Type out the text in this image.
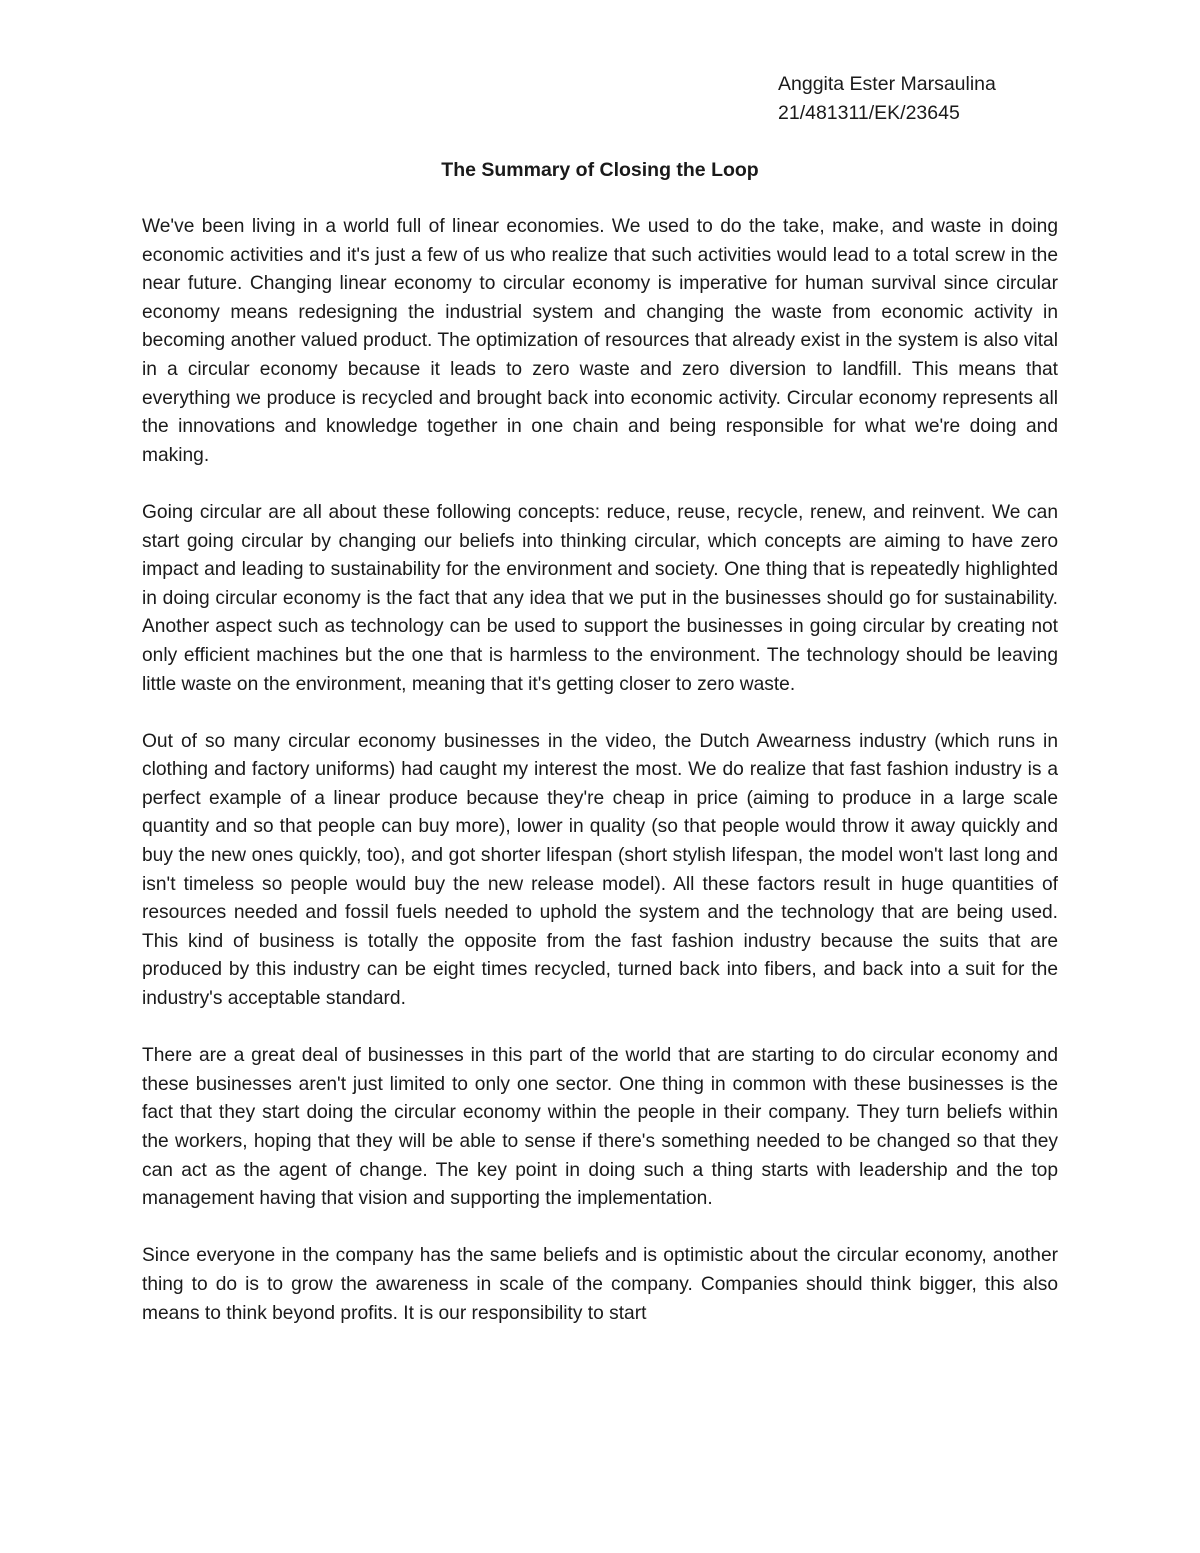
Anggita Ester Marsaulina
21/481311/EK/23645
The Summary of Closing the Loop

We've been living in a world full of linear economies. We used to do the take, make, and waste in doing economic activities and it's just a few of us who realize that such activities would lead to a total screw in the near future. Changing linear economy to circular economy is imperative for human survival since circular economy means redesigning the industrial system and changing the waste from economic activity in becoming another valued product. The optimization of resources that already exist in the system is also vital in a circular economy because it leads to zero waste and zero diversion to landfill. This means that everything we produce is recycled and brought back into economic activity. Circular economy represents all the innovations and knowledge together in one chain and being responsible for what we're doing and making.

Going circular are all about these following concepts: reduce, reuse, recycle, renew, and reinvent. We can start going circular by changing our beliefs into thinking circular, which concepts are aiming to have zero impact and leading to sustainability for the environment and society. One thing that is repeatedly highlighted in doing circular economy is the fact that any idea that we put in the businesses should go for sustainability. Another aspect such as technology can be used to support the businesses in going circular by creating not only efficient machines but the one that is harmless to the environment. The technology should be leaving little waste on the environment, meaning that it's getting closer to zero waste.

Out of so many circular economy businesses in the video, the Dutch Awearness industry (which runs in clothing and factory uniforms) had caught my interest the most. We do realize that fast fashion industry is a perfect example of a linear produce because they're cheap in price (aiming to produce in a large scale quantity and so that people can buy more), lower in quality (so that people would throw it away quickly and buy the new ones quickly, too), and got shorter lifespan (short stylish lifespan, the model won't last long and isn't timeless so people would buy the new release model). All these factors result in huge quantities of resources needed and fossil fuels needed to uphold the system and the technology that are being used. This kind of business is totally the opposite from the fast fashion industry because the suits that are produced by this industry can be eight times recycled, turned back into fibers, and back into a suit for the industry's acceptable standard.

There are a great deal of businesses in this part of the world that are starting to do circular economy and these businesses aren't just limited to only one sector. One thing in common with these businesses is the fact that they start doing the circular economy within the people in their company. They turn beliefs within the workers, hoping that they will be able to sense if there's something needed to be changed so that they can act as the agent of change. The key point in doing such a thing starts with leadership and the top management having that vision and supporting the implementation.

Since everyone in the company has the same beliefs and is optimistic about the circular economy, another thing to do is to grow the awareness in scale of the company. Companies should think bigger, this also means to think beyond profits. It is our responsibility to start
